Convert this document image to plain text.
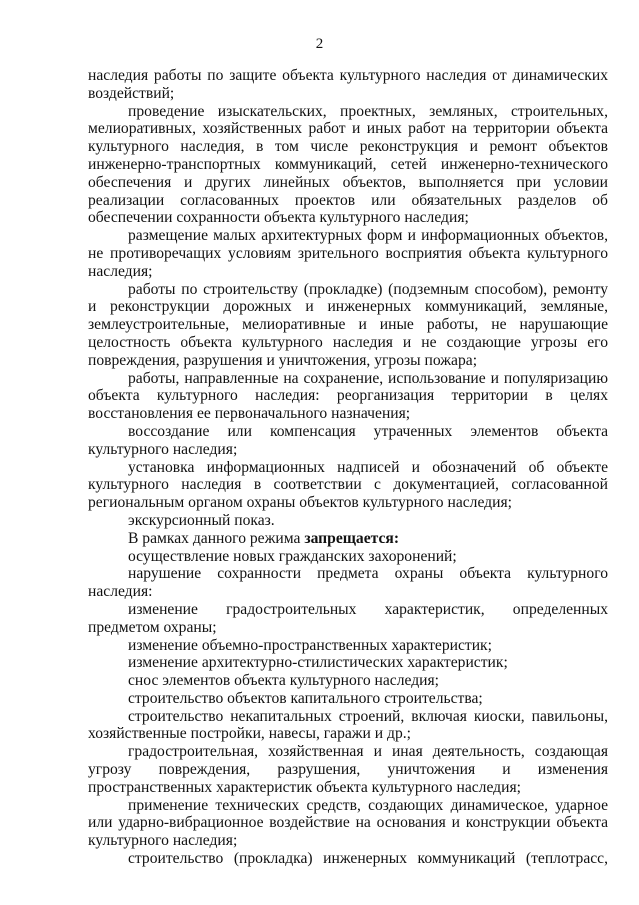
2

наследия работы по защите объекта культурного наследия от динамических воздействий;

проведение изыскательских, проектных, земляных, строительных, мелиоративных, хозяйственных работ и иных работ на территории объекта культурного наследия, в том числе реконструкция и ремонт объектов инженерно-транспортных коммуникаций, сетей инженерно-технического обеспечения и других линейных объектов, выполняется при условии реализации согласованных проектов или обязательных разделов об обеспечении сохранности объекта культурного наследия;

размещение малых архитектурных форм и информационных объектов, не противоречащих условиям зрительного восприятия объекта культурного наследия;

работы по строительству (прокладке) (подземным способом), ремонту и реконструкции дорожных и инженерных коммуникаций, земляные, землеустроительные, мелиоративные и иные работы, не нарушающие целостность объекта культурного наследия и не создающие угрозы его повреждения, разрушения и уничтожения, угрозы пожара;

работы, направленные на сохранение, использование и популяризацию объекта культурного наследия: реорганизация территории в целях восстановления ее первоначального назначения;

воссоздание или компенсация утраченных элементов объекта культурного наследия;

установка информационных надписей и обозначений об объекте культурного наследия в соответствии с документацией, согласованной региональным органом охраны объектов культурного наследия;

экскурсионный показ.

В рамках данного режима запрещается:

осуществление новых гражданских захоронений;

нарушение сохранности предмета охраны объекта культурного наследия:

изменение градостроительных характеристик, определенных предметом охраны;

изменение объемно-пространственных характеристик;

изменение архитектурно-стилистических характеристик;

снос элементов объекта культурного наследия;

строительство объектов капитального строительства;

строительство некапитальных строений, включая киоски, павильоны, хозяйственные постройки, навесы, гаражи и др.;

градостроительная, хозяйственная и иная деятельность, создающая угрозу повреждения, разрушения, уничтожения и изменения пространственных характеристик объекта культурного наследия;

применение технических средств, создающих динамическое, ударное или ударно-вибрационное воздействие на основания и конструкции объекта культурного наследия;

строительство (прокладка) инженерных коммуникаций (теплотрасс,
